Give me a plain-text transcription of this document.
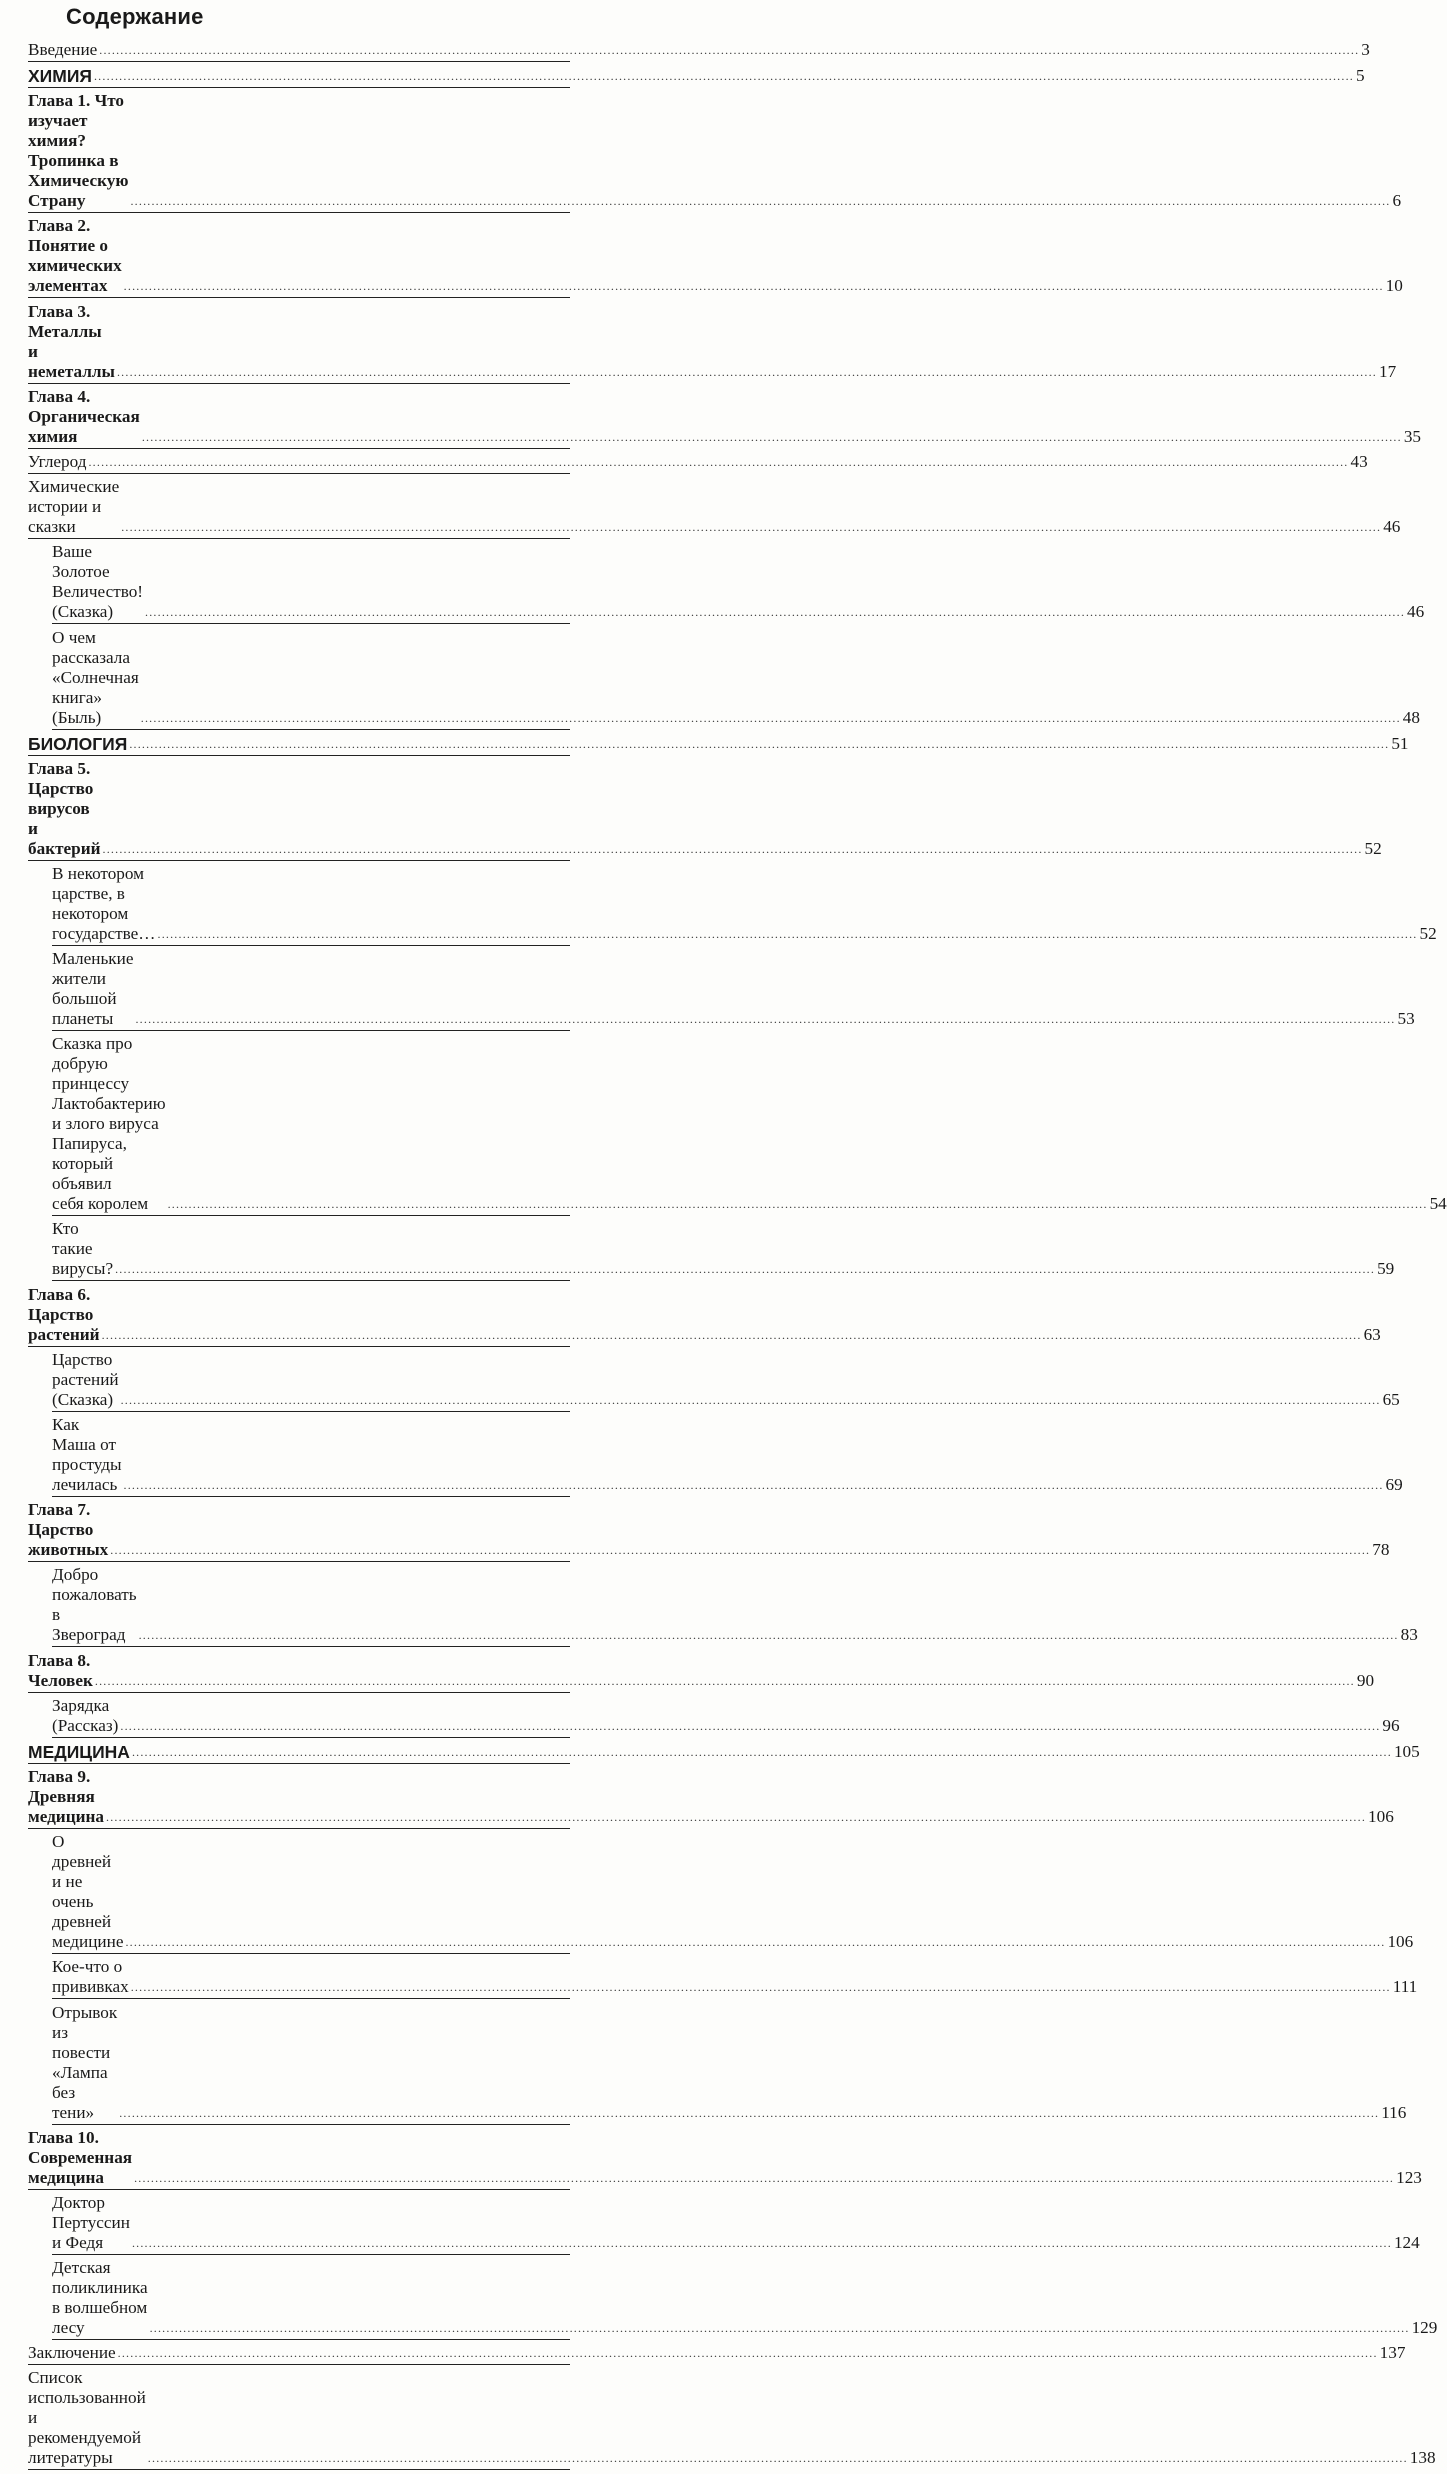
Содержание
Введение ............................................................................................................................................................................................................................................................................................................ 3
ХИМИЯ ............................................................................................................................................................................................................................................................................................................ 5
Глава 1. Что изучает химия? Тропинка в Химическую
Страну	............................................................................................................................................................................................................................................................................................................ 6
Глава 2. Понятие о химических элементах	............................................................................................................................................................................................................................................................................................................ 10
Глава 3. Металлы и неметаллы ............................................................................................................................................................................................................................................................................................................ 17
Глава 4. Органическая химия	............................................................................................................................................................................................................................................................................................................ 35
Углерод ............................................................................................................................................................................................................................................................................................................ 43
Химические истории и сказки	............................................................................................................................................................................................................................................................................................................ 46
Ваше Золотое Величество! (Сказка)	............................................................................................................................................................................................................................................................................................................ 46
О чем рассказала «Солнечная книга» (Быль)	............................................................................................................................................................................................................................................................................................................ 48
БИОЛОГИЯ ............................................................................................................................................................................................................................................................................................................ 51
Глава 5. Царство вирусов и бактерий ............................................................................................................................................................................................................................................................................................................ 52
В некотором царстве, в некотором государстве… ............................................................................................................................................................................................................................................................................................................ 52
Маленькие жители большой планеты	............................................................................................................................................................................................................................................................................................................ 53
Сказка про добрую принцессу Лактобактерию
и злого вируса Папируса, который объявил
себя королем	............................................................................................................................................................................................................................................................................................................ 54
Кто такие вирусы? ............................................................................................................................................................................................................................................................................................................ 59
Глава 6. Царство растений ............................................................................................................................................................................................................................................................................................................ 63
Царство растений (Сказка) ............................................................................................................................................................................................................................................................................................................ 65
Как Маша от простуды лечилась ............................................................................................................................................................................................................................................................................................................ 69
Глава 7. Царство животных ............................................................................................................................................................................................................................................................................................................ 78
Добро пожаловать в Звероград	............................................................................................................................................................................................................................................................................................................ 83
Глава 8. Человек ............................................................................................................................................................................................................................................................................................................ 90
Зарядка (Рассказ) ............................................................................................................................................................................................................................................................................................................ 96
МЕДИЦИНА ............................................................................................................................................................................................................................................................................................................ 105
Глава 9. Древняя медицина ............................................................................................................................................................................................................................................................................................................ 106
О древней и не очень древней медицине ............................................................................................................................................................................................................................................................................................................ 106
Кое-что о прививках ............................................................................................................................................................................................................................................................................................................ 111
Отрывок из повести «Лампа без тени»	............................................................................................................................................................................................................................................................................................................ 116
Глава 10. Современная медицина	............................................................................................................................................................................................................................................................................................................ 123
Доктор Пертуссин и Федя	............................................................................................................................................................................................................................................................................................................ 124
Детская поликлиника в волшебном лесу	............................................................................................................................................................................................................................................................................................................ 129
Заключение ............................................................................................................................................................................................................................................................................................................ 137
Список использованной и рекомендуемой
литературы	............................................................................................................................................................................................................................................................................................................ 138
